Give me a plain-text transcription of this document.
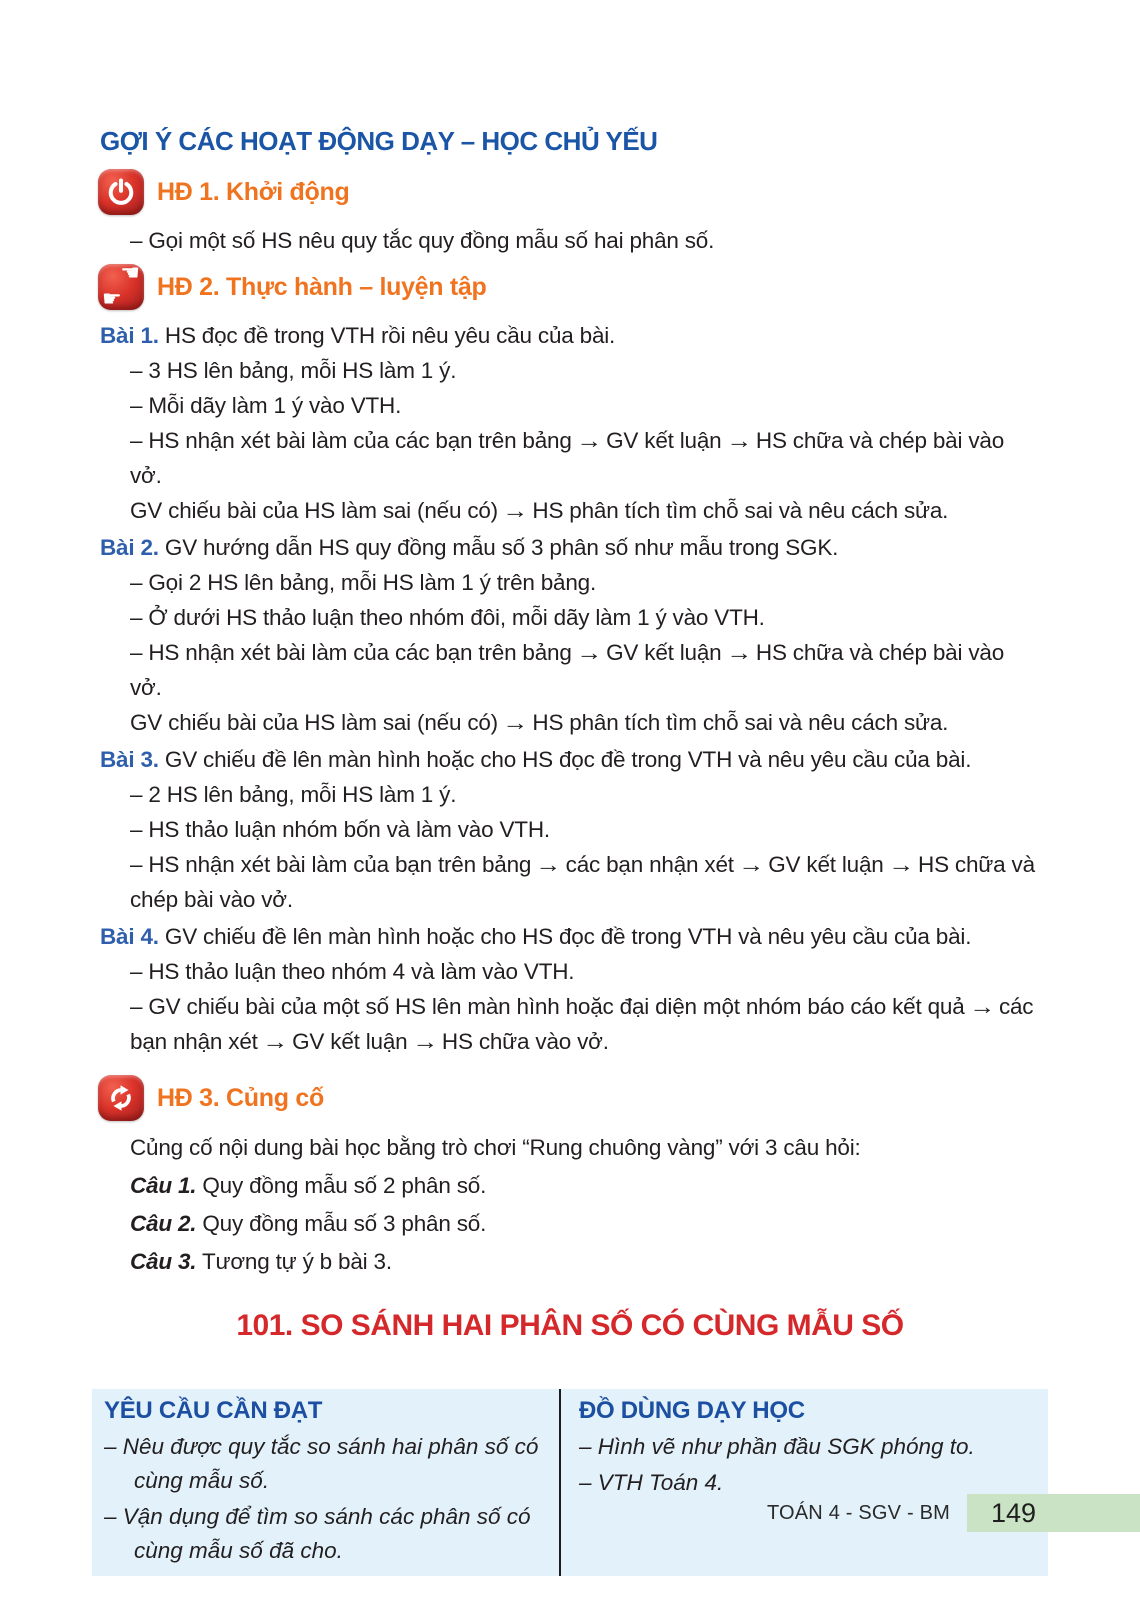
GỢI Ý CÁC HOẠT ĐỘNG DẠY – HỌC CHỦ YẾU
HĐ 1. Khởi động

– Gọi một số HS nêu quy tắc quy đồng mẫu số hai phân số.

☚
☛ HĐ 2. Thực hành – luyện tập

Bài 1. HS đọc đề trong VTH rồi nêu yêu cầu của bài.

– 3 HS lên bảng, mỗi HS làm 1 ý.

– Mỗi dãy làm 1 ý vào VTH.

– HS nhận xét bài làm của các bạn trên bảng → GV kết luận → HS chữa và chép bài vào vở.

GV chiếu bài của HS làm sai (nếu có) → HS phân tích tìm chỗ sai và nêu cách sửa.

Bài 2. GV hướng dẫn HS quy đồng mẫu số 3 phân số như mẫu trong SGK.

– Gọi 2 HS lên bảng, mỗi HS làm 1 ý trên bảng.

– Ở dưới HS thảo luận theo nhóm đôi, mỗi dãy làm 1 ý vào VTH.

– HS nhận xét bài làm của các bạn trên bảng → GV kết luận → HS chữa và chép bài vào vở.

GV chiếu bài của HS làm sai (nếu có) → HS phân tích tìm chỗ sai và nêu cách sửa.

Bài 3. GV chiếu đề lên màn hình hoặc cho HS đọc đề trong VTH và nêu yêu cầu của bài.

– 2 HS lên bảng, mỗi HS làm 1 ý.

– HS thảo luận nhóm bốn và làm vào VTH.

– HS nhận xét bài làm của bạn trên bảng → các bạn nhận xét → GV kết luận → HS chữa và chép bài vào vở.

Bài 4. GV chiếu đề lên màn hình hoặc cho HS đọc đề trong VTH và nêu yêu cầu của bài.

– HS thảo luận theo nhóm 4 và làm vào VTH.

– GV chiếu bài của một số HS lên màn hình hoặc đại diện một nhóm báo cáo kết quả → các bạn nhận xét → GV kết luận → HS chữa vào vở.

HĐ 3. Củng cố

Củng cố nội dung bài học bằng trò chơi “Rung chuông vàng” với 3 câu hỏi:

Câu 1. Quy đồng mẫu số 2 phân số.

Câu 2. Quy đồng mẫu số 3 phân số.

Câu 3. Tương tự ý b bài 3.

101. SO SÁNH HAI PHÂN SỐ CÓ CÙNG MẪU SỐ

YÊU CẦU CẦN ĐẠT

– Nêu được quy tắc so sánh hai phân số có cùng mẫu số.

– Vận dụng để tìm so sánh các phân số có cùng mẫu số đã cho.

ĐỒ DÙNG DẠY HỌC

– Hình vẽ như phần đầu SGK phóng to.

– VTH Toán 4.

TOÁN 4 - SGV - BM 149
